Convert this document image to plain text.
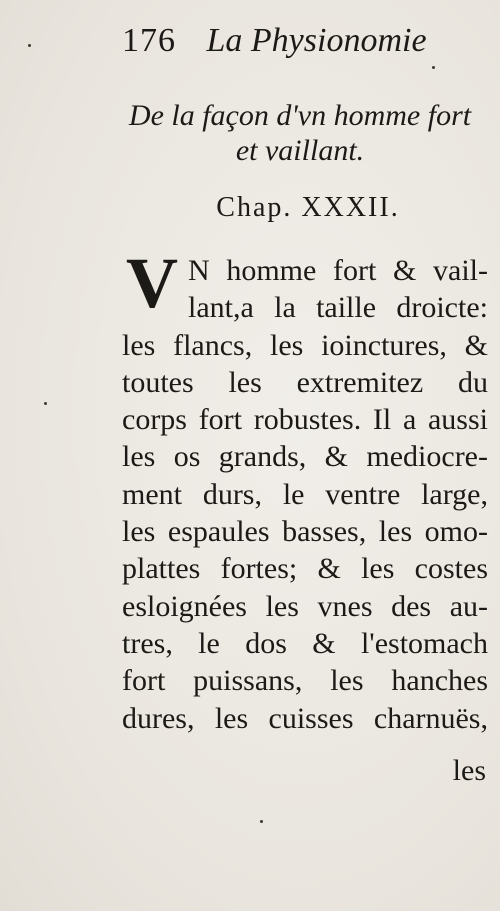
176 La Physionomie
De la façon d'vn homme fort
et vaillant.
Chap. XXXII.
V N homme fort & vail-
lant,a la taille droicte:
les flancs, les ioinctures, &
toutes les extremitez du
corps fort robustes. Il a aussi
les os grands, & mediocre-
ment durs, le ventre large,
les espaules basses, les omo-
plattes fortes; & les costes
esloignées les vnes des au-
tres, le dos & l'estomach
fort puissans, les hanches
dures, les cuisses charnuës,
les
